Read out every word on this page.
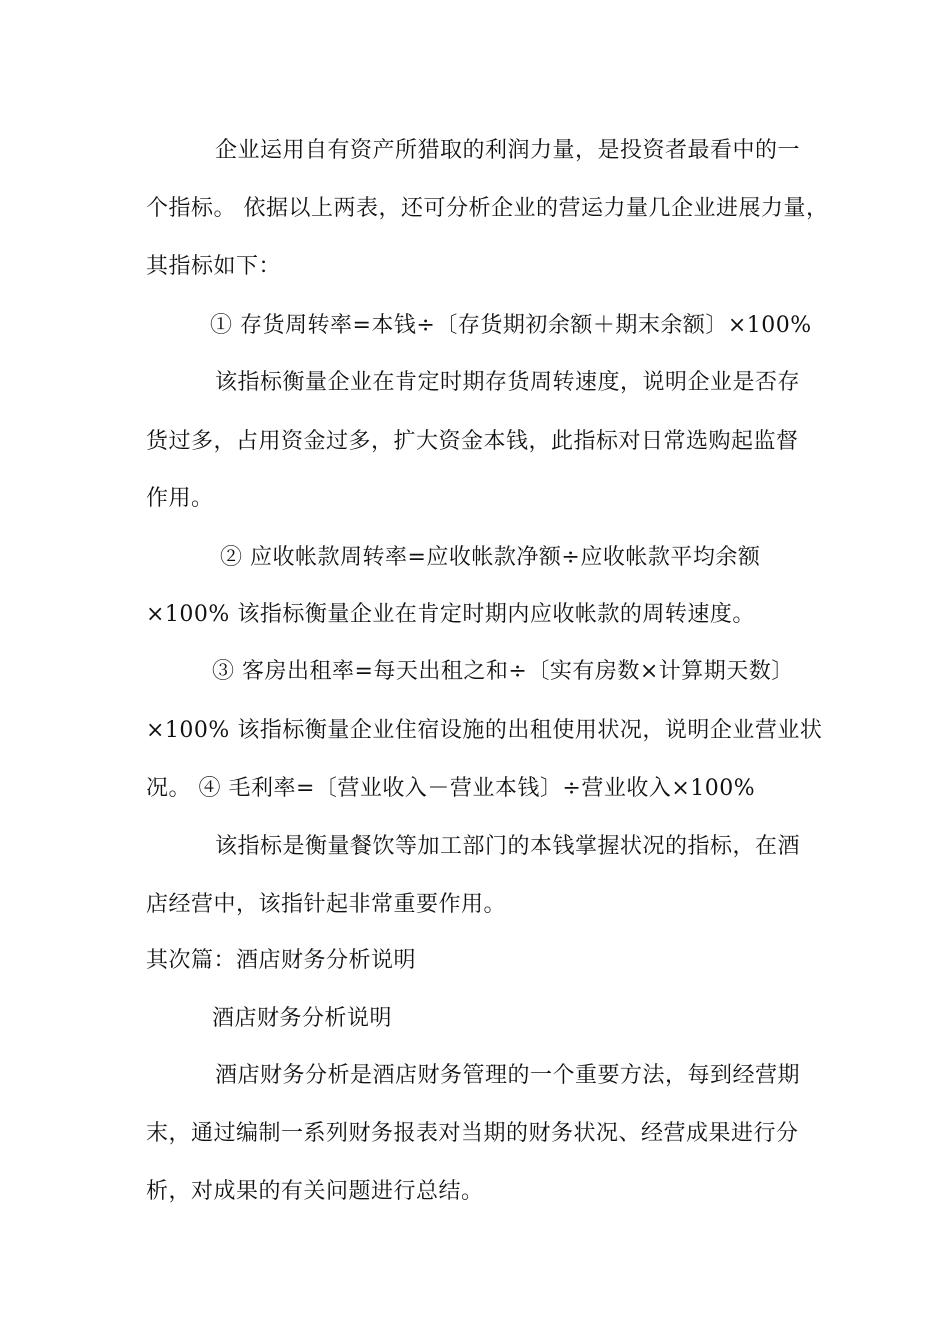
企业运用自有资产所猎取的利润力量，是投资者最看中的一
个指标。 依据以上两表，还可分析企业的营运力量几企业进展力量，
其指标如下：
① 存货周转率=本钱÷〔存货期初余额＋期末余额〕×100%
该指标衡量企业在肯定时期存货周转速度，说明企业是否存
货过多，占用资金过多，扩大资金本钱，此指标对日常选购起监督
作用。
② 应收帐款周转率=应收帐款净额÷应收帐款平均余额
×100% 该指标衡量企业在肯定时期内应收帐款的周转速度。
③ 客房出租率=每天出租之和÷〔实有房数×计算期天数〕
×100% 该指标衡量企业住宿设施的出租使用状况，说明企业营业状
况。 ④ 毛利率=〔营业收入－营业本钱〕÷营业收入×100%
该指标是衡量餐饮等加工部门的本钱掌握状况的指标，在酒
店经营中，该指针起非常重要作用。
其次篇：酒店财务分析说明
酒店财务分析说明
酒店财务分析是酒店财务管理的一个重要方法，每到经营期
末，通过编制一系列财务报表对当期的财务状况、经营成果进行分
析，对成果的有关问题进行总结。
